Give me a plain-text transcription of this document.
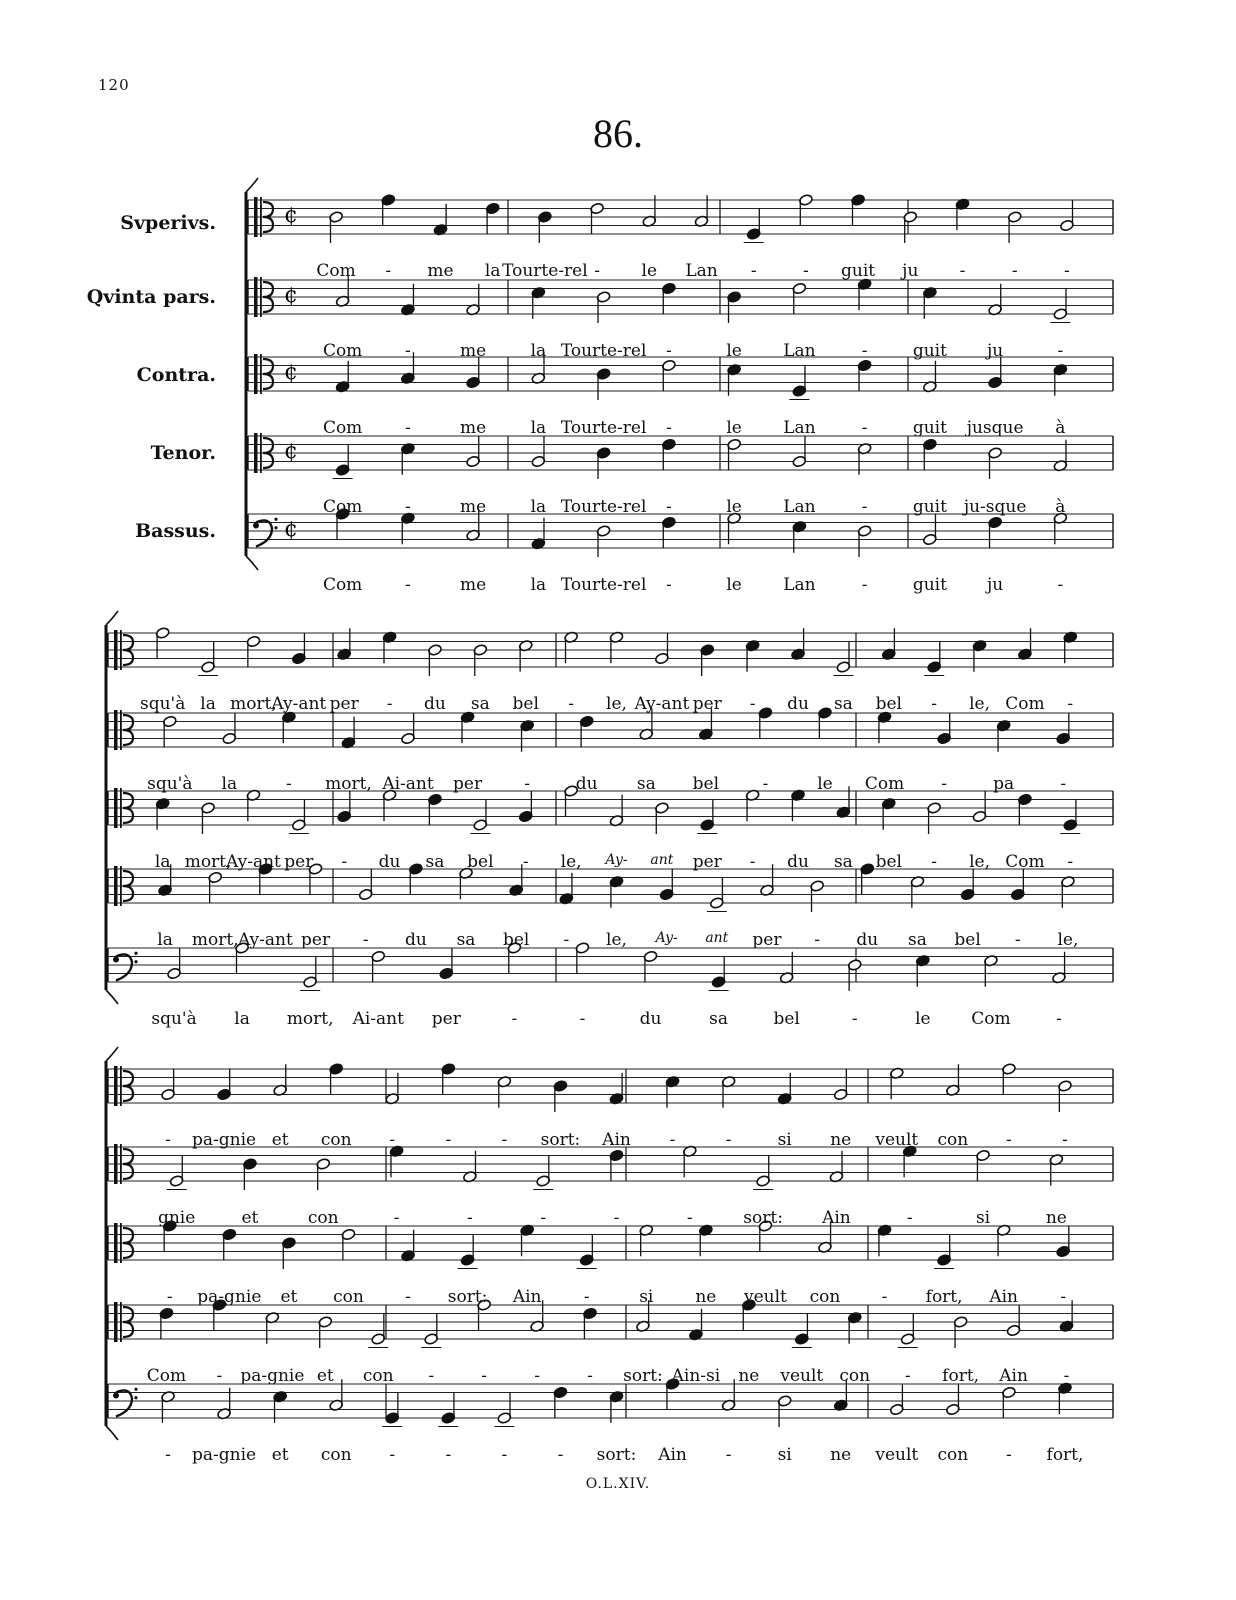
120
86.
O.L.XIV.
Svperivs.
Qvinta pars.
Contra.
Tenor.
Bassus.
¢
¢
¢
¢
¢
Com - me la Tourte-rel - le Lan -	- guit ju -	-	-
Com	-	me	la Tourte-rel -	le Lan	-	guit ju	-
Com	-	me	la Tourte-rel -	le Lan	-	guit jusque à
Com	-	me	la Tourte-rel -	le Lan	-	guit ju-sque à
Com	-	me	la Tourte-rel -	le Lan	-	guit ju	-
squ'à la mort,
Ay-ant per - du sa bel - le, Ay-ant per - du sa bel - le, Com -
squ'à la	- mort, Ai-ant per -	du sa bel	-	le Com -	pa	-
la mort,
Ay-ant per - du sa bel - le, Ay- ant per - du sa bel - le, Com -
la mort, Ay-ant per - du sa bel - le, Ay- ant per - du sa bel - le,
squ'à la mort, Ai-ant per	-	-	du	sa	bel	-	le Com	-
- pa-gnie et con -	-	- sort: Ain -	-	si ne veult con -	-
gnie	et	con	-	-	-	-	-	sort: Ain	-	si	ne
- pa-gnie et con - sort: Ain -	si ne veult con - fort, Ain -
Com - pa-gnie et con -	-	-	- sort: Ain-si ne veult con - fort, Ain -
- pa-gnie et con -	-	-	- sort: Ain -	si ne veult con - fort,
